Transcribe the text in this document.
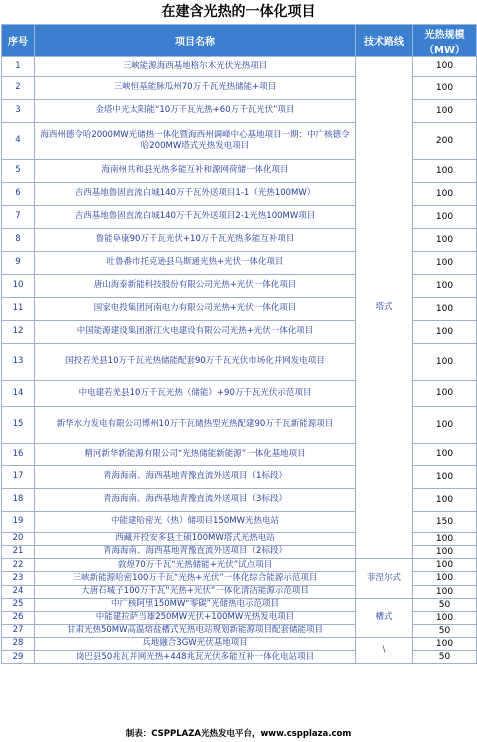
在建含光热的一体化项目
序号	项目名称	技术路线	光热规模
（MW）
1	三峡能源海西基地格尔木光伏光热项目	塔式	100
2	三峡恒基能脉瓜州70万千瓦光热储能+项目		100
3	金塔中光太阳能“10万千瓦光热+60万千瓦光伏”项目		100
4	海西州德令哈2000MW光储热一体化暨海西州调峰中心基地项目一期：中广核德令哈200MW塔式光热发电项目		200
5	海南州共和县光热多能互补和源网荷储一体化项目		100
6	吉西基地鲁固直流白城140万千瓦外送项目1-1（光热100MW）		100
7	吉西基地鲁固直流白城140万千瓦外送项目2-1光热100MW项目		100
8	鲁能阜康90万千瓦光伏+10万千瓦光热多能互补项目		100
9	吐鲁番市托克逊县乌斯通光热+光伏一体化项目		100
10	唐山海泰新能科技股份有限公司光热+光伏一体化项目		100
11	国家电投集团河南电力有限公司光热+光伏一体化项目		100
12	中国能源建设集团浙江火电建设有限公司光热+光伏一体化项目		100
13	国投若羌县10万千瓦光热储能配套90万千瓦光伏市场化并网发电项目		100
14	中电建若羌县10万千瓦光热（储能）+90万千瓦光伏示范项目		100
15	新华水力发电有限公司博州10万千瓦储热型光热配建90万千瓦新能源项目		100
16	精河新华新能源有限公司“光热储能新能源”一体化基地项目		100
17	青海海南、海西基地青豫直流外送项目（1标段）		100
18	青海海南、海西基地青豫直流外送项目（3标段）		100
19	中能建哈密光（热）储项目150MW光热电站		150
20	西藏开投安多县土硕100MW塔式光热电站		100
21	青海海南、海西基地青豫直流外送项目（2标段）		100
22	敦煌70万千瓦“光热储能+光伏”试点项目	菲涅尔式	100
23	三峡新能源哈密100万千瓦“光热+光伏”一体化综合能源示范项目		100
24	大唐石城子100万千瓦“光热+光伏”一体化清洁能源示范项目		100
25	中广核阿里150MW“零碳”光储热电示范项目	槽式	50
26	中能建拉萨当雄250MW光伏+100MW光热发电项目		100
27	甘肃光热50MW高温熔盐槽式光热电站规划新能源项目配套储能项目		50
28	兵地融合3GW光伏基地项目	\	100
29	岗巴县50兆瓦并网光热+448兆瓦光伏多能互补一体化电站项目		50
制表：CSPPLAZA光热发电平台，www.cspplaza.com
